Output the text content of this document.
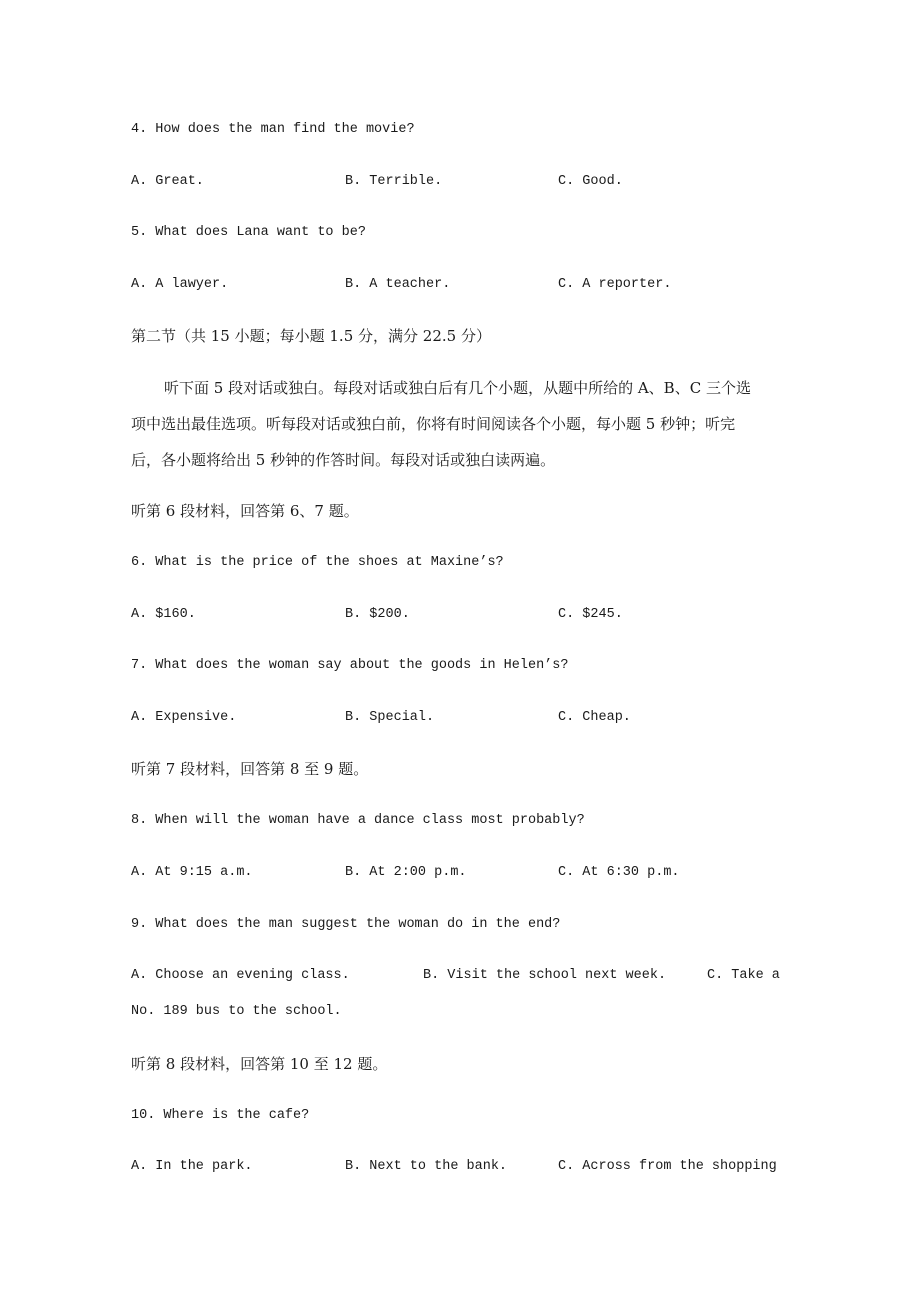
4. How does the man find the movie?
A. Great.	B. Terrible.	C. Good.
5. What does Lana want to be?
A. A lawyer.	B. A teacher.	C. A reporter.
第二节（共 15 小题；每小题 1.5 分，满分 22.5 分）
听下面 5 段对话或独白。每段对话或独白后有几个小题，从题中所给的 A、B、C 三个选
项中选出最佳选项。听每段对话或独白前，你将有时间阅读各个小题，每小题 5 秒钟；听完
后，各小题将给出 5 秒钟的作答时间。每段对话或独白读两遍。
听第 6 段材料，回答第 6、7 题。
6. What is the price of the shoes at Maxine’s?
A. $160.	B. $200.	C. $245.
7. What does the woman say about the goods in Helen’s?
A. Expensive.	B. Special.	C. Cheap.
听第 7 段材料，回答第 8 至 9 题。
8. When will the woman have a dance class most probably?
A. At 9:15 a.m.	B. At 2:00 p.m.	C. At 6:30 p.m.
9. What does the man suggest the woman do in the end?
A. Choose an evening class.	B. Visit the school next week.	C. Take a
No. 189 bus to the school.
听第 8 段材料，回答第 10 至 12 题。
10. Where is the cafe?
A. In the park.	B. Next to the bank.	C. Across from the shopping
